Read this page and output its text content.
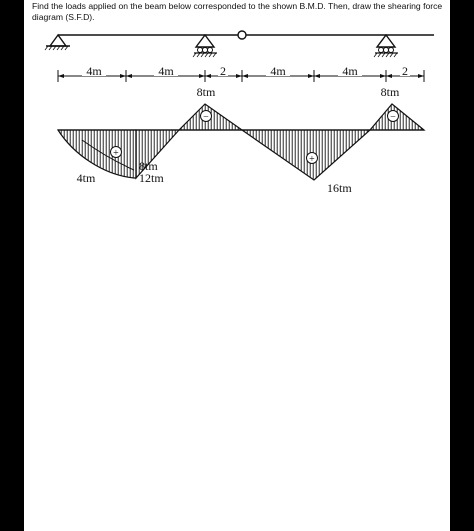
Find the loads applied on the beam below corresponded to the shown B.M.D. Then, draw the shearing force
diagram (S.F.D).

4m	4m	2	4m	4m	2
+
−
+
−
8tm	8tm
4tm
8tm
12tm
16tm
